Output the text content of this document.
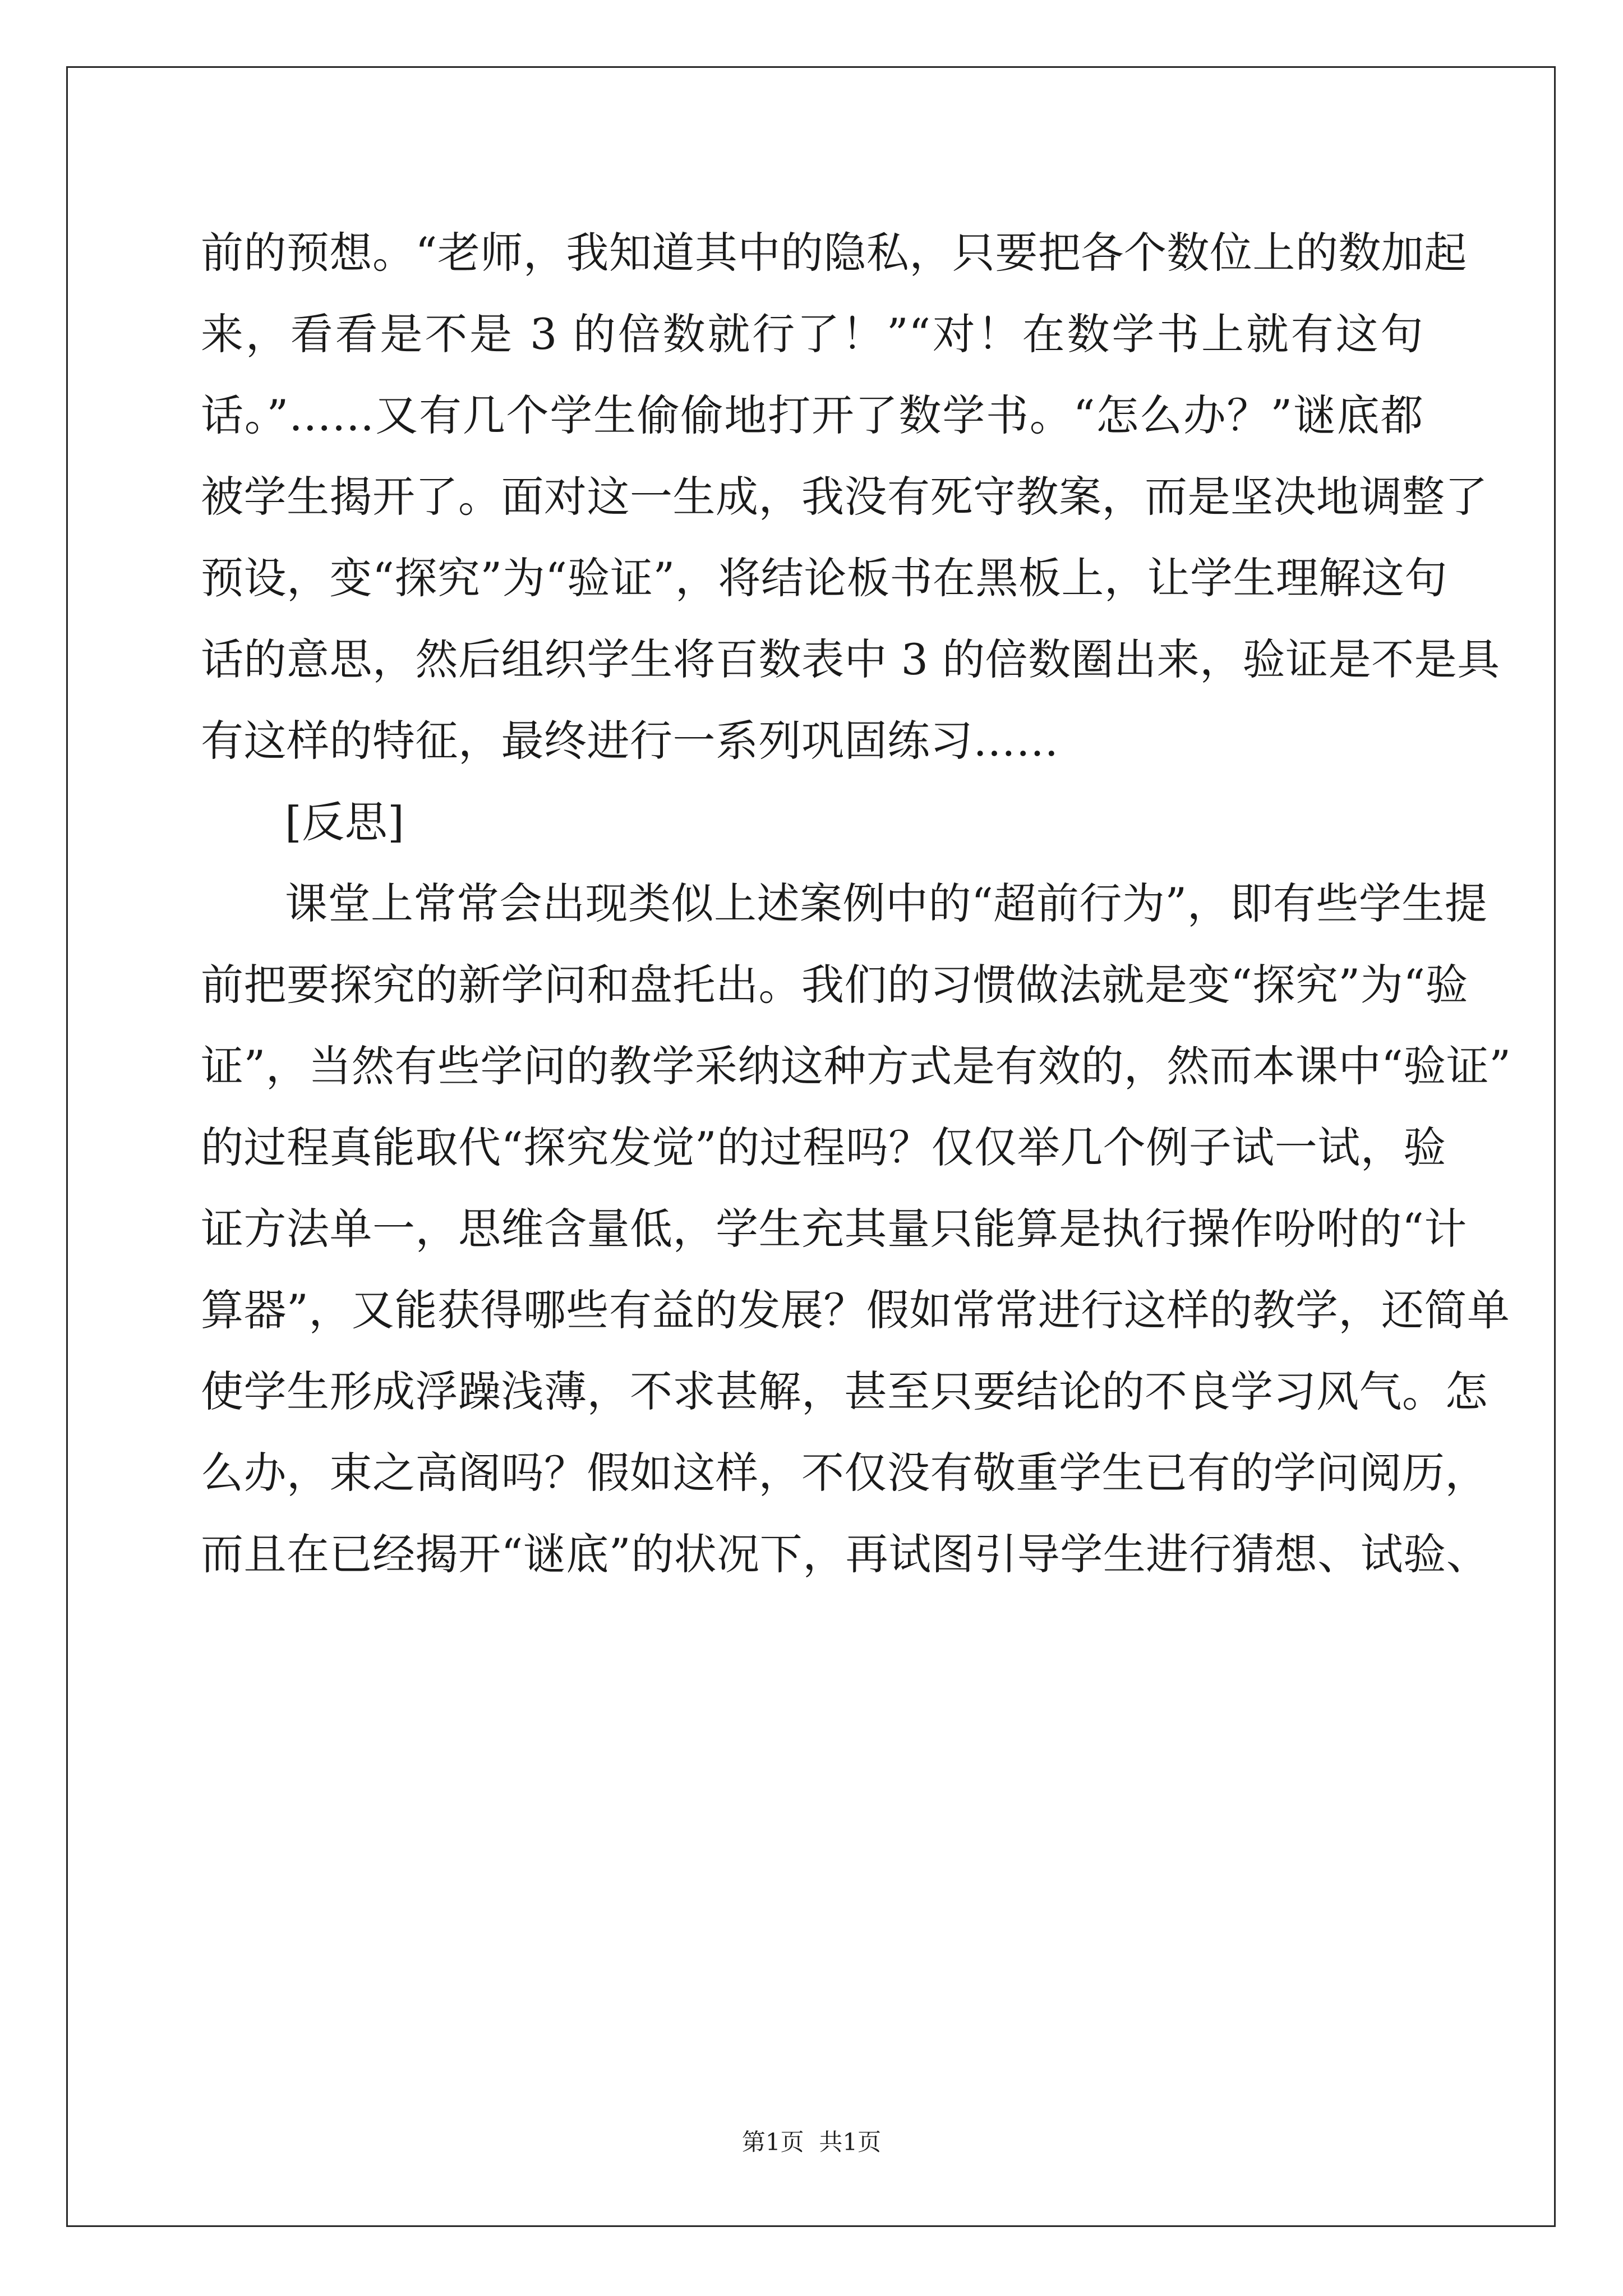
前的预想。“老师，我知道其中的隐私，只要把各个数位上的数加起
来，看看是不是 3 的倍数就行了！”“对！在数学书上就有这句
话。”……又有几个学生偷偷地打开了数学书。“怎么办？”谜底都
被学生揭开了。面对这一生成，我没有死守教案，而是坚决地调整了
预设，变“探究”为“验证”，将结论板书在黑板上，让学生理解这句
话的意思，然后组织学生将百数表中 3 的倍数圈出来，验证是不是具
有这样的特征，最终进行一系列巩固练习……
[反思]
课堂上常常会出现类似上述案例中的“超前行为”，即有些学生提
前把要探究的新学问和盘托出。我们的习惯做法就是变“探究”为“验
证”，当然有些学问的教学采纳这种方式是有效的，然而本课中“验证”
的过程真能取代“探究发觉”的过程吗？仅仅举几个例子试一试，验
证方法单一，思维含量低，学生充其量只能算是执行操作吩咐的“计
算器”，又能获得哪些有益的发展？假如常常进行这样的教学，还简单
使学生形成浮躁浅薄，不求甚解，甚至只要结论的不良学习风气。怎
么办，束之高阁吗？假如这样，不仅没有敬重学生已有的学问阅历，
而且在已经揭开“谜底”的状况下，再试图引导学生进行猜想、试验、
第1页  共1页
